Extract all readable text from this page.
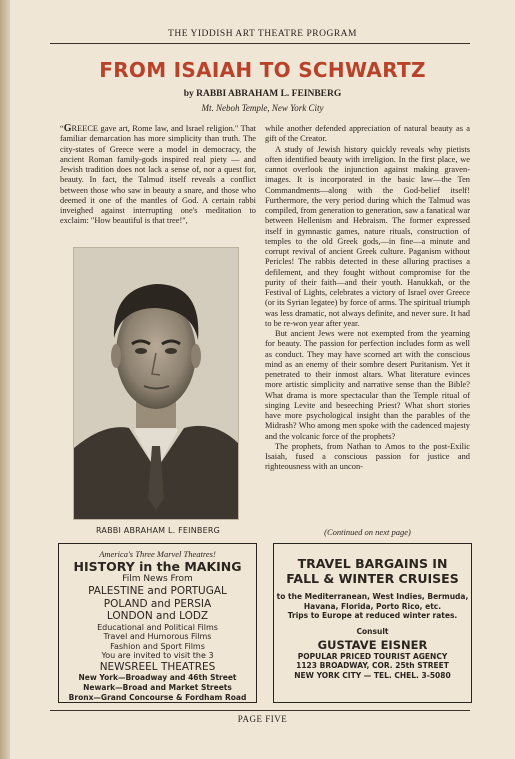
THE YIDDISH ART THEATRE PROGRAM
FROM ISAIAH TO SCHWARTZ
by RABBI ABRAHAM L. FEINBERG
Mt. Neboh Temple, New York City

“GREECE gave art, Rome law, and Israel religion." That familiar demarcation has more simplicity than truth. The city-states of Greece were a model in democracy, the ancient Roman family-gods inspired real piety — and Jewish tradition does not lack a sense of, nor a quest for, beauty. In fact, the Talmud itself reveals a conflict between those who saw in beauty a snare, and those who deemed it one of the mantles of God. A certain rabbi inveighed against interrupting one's meditation to exclaim: "How beautiful is that tree!",

RABBI ABRAHAM L. FEINBERG

while another defended appreciation of natural beauty as a gift of the Creator.

A study of Jewish history quickly reveals why pietists often identified beauty with irreligion. In the first place, we cannot overlook the injunction against making graven-images. It is incorporated in the basic law—the Ten Commandments—along with the God-belief itself! Furthermore, the very period during which the Talmud was compiled, from generation to generation, saw a fanatical war between Hellenism and Hebraism. The former expressed itself in gymnastic games, nature rituals, construction of temples to the old Greek gods,—in fine—a minute and corrupt revival of ancient Greek culture. Paganism without Pericles! The rabbis detected in these alluring practises a defilement, and they fought without compromise for the purity of their faith—and their youth. Hanukkah, or the Festival of Lights, celebrates a victory of Israel over Greece (or its Syrian legatee) by force of arms. The spiritual triumph was less dramatic, not always definite, and never sure. It had to be re-won year after year.

But ancient Jews were not exempted from the yearning for beauty. The passion for perfection includes form as well as conduct. They may have scorned art with the conscious mind as an enemy of their sombre desert Puritanism. Yet it penetrated to their inmost altars. What literature evinces more artistic simplicity and narrative sense than the Bible? What drama is more spectacular than the Temple ritual of singing Levite and beseeching Priest? What short stories have more psychological insight than the parables of the Midrash? Who among men spoke with the cadenced majesty and the volcanic force of the prophets?

The prophets, from Nathan to Amos to the post-Exilic Isaiah, fused a conscious passion for justice and righteousness with an uncon-

(Continued on next page)
America's Three Marvel Theatres!
HISTORY in the MAKING
Film News From
PALESTINE and PORTUGAL
POLAND and PERSIA
LONDON and LODZ
Educational and Political Films
Travel and Humorous Films
Fashion and Sport Films
You are invited to visit the 3
NEWSREEL THEATRES
New York—Broadway and 46th Street
Newark—Broad and Market Streets
Bronx—Grand Concourse & Fordham Road
TRAVEL BARGAINS IN
FALL & WINTER CRUISES
to the Mediterranean, West Indies, Bermuda, Havana, Florida, Porto Rico, etc.
Trips to Europe at reduced winter rates.
Consult
GUSTAVE EISNER
POPULAR PRICED TOURIST AGENCY
1123 BROADWAY, COR. 25th STREET
NEW YORK CITY — TEL. CHEL. 3-5080
PAGE FIVE
